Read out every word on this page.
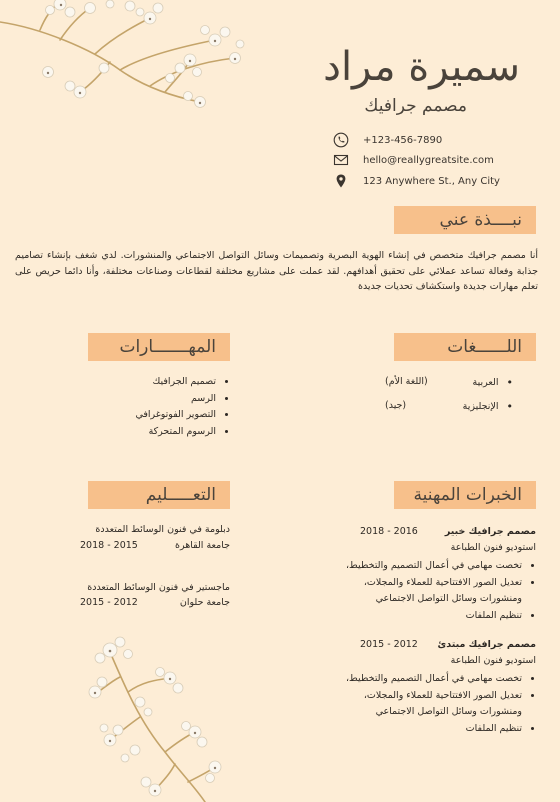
سميرة مراد
مصمم جرافيك
+123-456-7890
hello@reallygreatsite.com
123 Anywhere St., Any City
نبــــذة عني
أنا مصمم جرافيك متخصص في إنشاء الهوية البصرية وتصميمات وسائل التواصل الاجتماعي والمنشورات. لدي شغف بإنشاء تصاميم جذابة وفعالة تساعد عملائي على تحقيق أهدافهم. لقد عملت على مشاريع مختلفة لقطاعات وصناعات مختلفة، وأنا دائما حريص على تعلم مهارات جديدة واستكشاف تحديات جديدة
اللــــــغات
• العربية
(اللغة الأم)
• الإنجليزية
(جيد)
المهـــــــارات
• تصميم الجرافيك
• الرسم
• التصوير الفوتوغرافي
• الرسوم المتحركة
الخبرات المهنية
مصمم جرافيك خبير
2016 - 2018
استوديو فنون الطباعة
• تخصت مهامي في أعمال التصميم والتخطيط،
• تعديل الصور الافتتاحية للعملاء والمجلات،
ومنشورات وسائل التواصل الاجتماعي
• تنظيم الملفات
مصمم جرافيك مبتدئ
2012 - 2015
استوديو فنون الطباعة
• تخصت مهامي في أعمال التصميم والتخطيط،
• تعديل الصور الافتتاحية للعملاء والمجلات،
ومنشورات وسائل التواصل الاجتماعي
• تنظيم الملفات
التعـــــليم
دبلومة في فنون الوسائط المتعددة
جامعة القاهرة
2015 - 2018
ماجستير في فنون الوسائط المتعددة
جامعة حلوان
2012 - 2015
